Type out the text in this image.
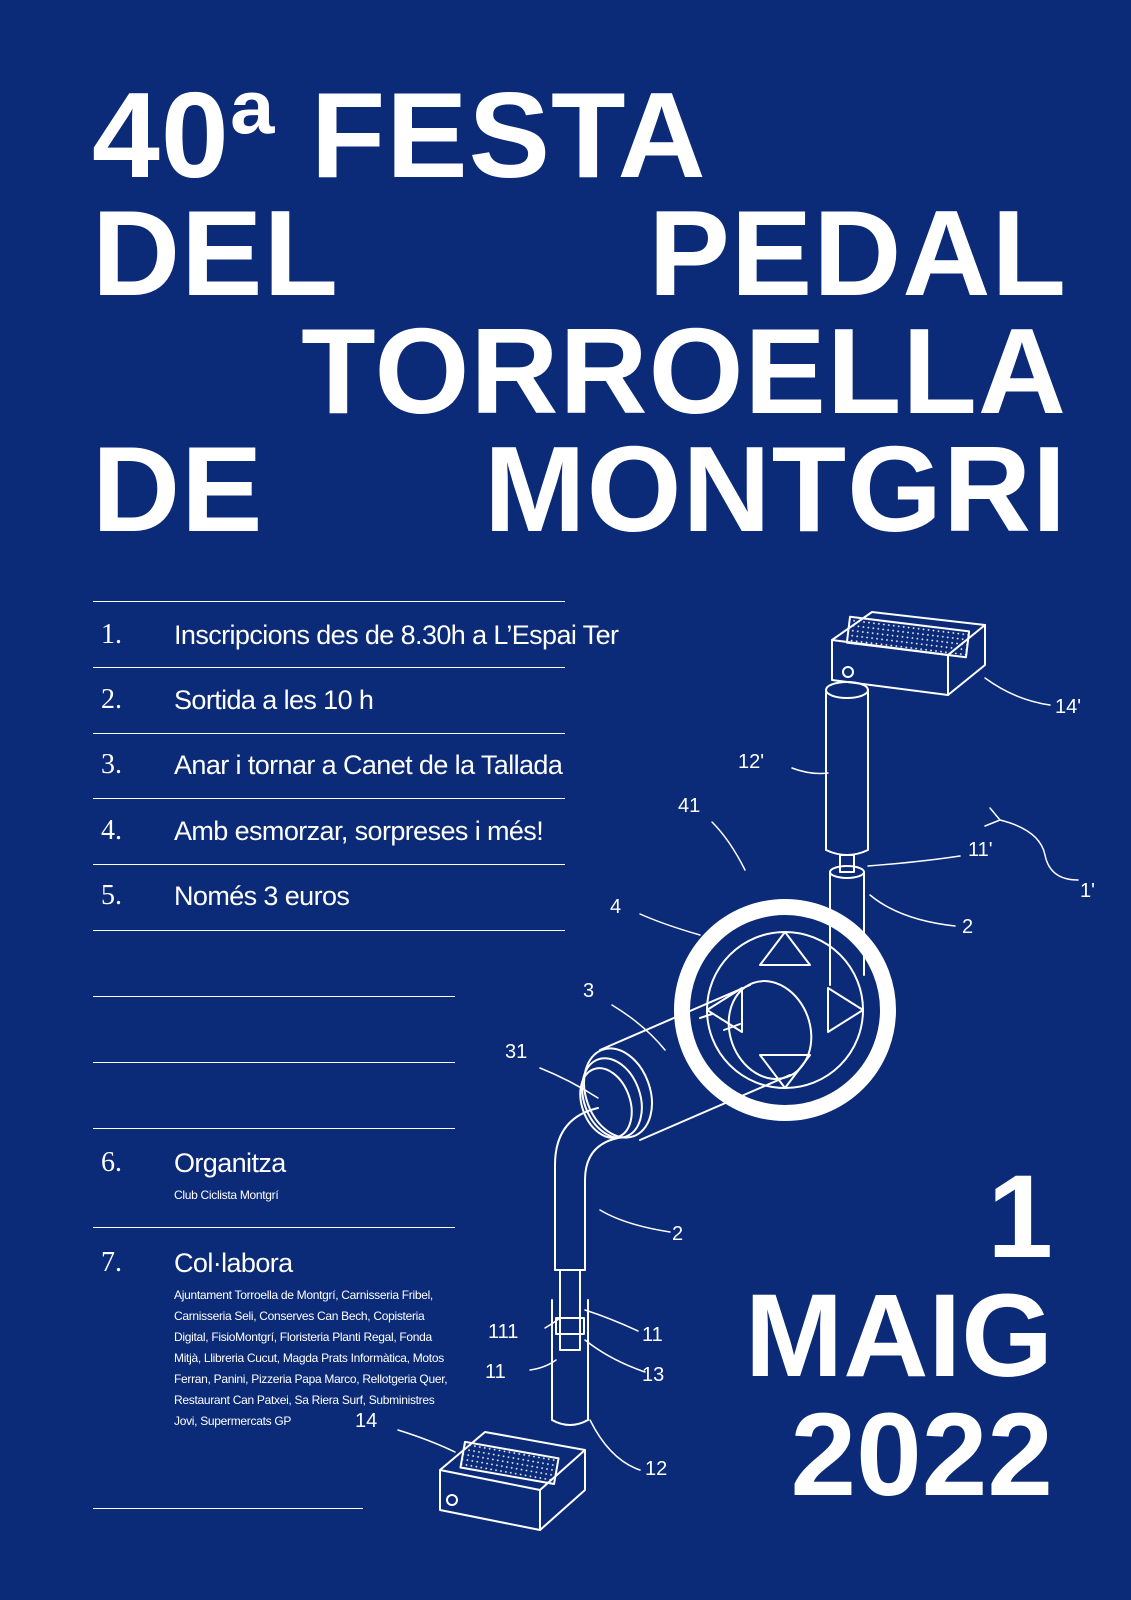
40ª FESTA
DEL	PEDAL
TORROELLA
DE MONTGRI
14'
12'
41
11'
1'
4
2
3
31
2
111	11
11	13
14
12
1. Inscripcions des de 8.30h a L’Espai Ter
2. Sortida a les 10 h
3. Anar i tornar a Canet de la Tallada
4. Amb esmorzar, sorpreses i més!
5. Només 3 euros
6. Organitza
Club Ciclista Montgrí
7. Col·labora
Ajuntament Torroella de Montgrí, Carnisseria Fribel, Carnisseria Seli, Conserves Can Bech, Copisteria Digital, FisioMontgrí, Floristeria Planti Regal, Fonda Mitjà, Llibreria Cucut, Magda Prats Informàtica, Motos Ferran, Panini, Pizzeria Papa Marco, Rellotgeria Quer, Restaurant Can Patxei, Sa Riera Surf, Subministres Jovi, Supermercats GP
1
MAIG
2022
